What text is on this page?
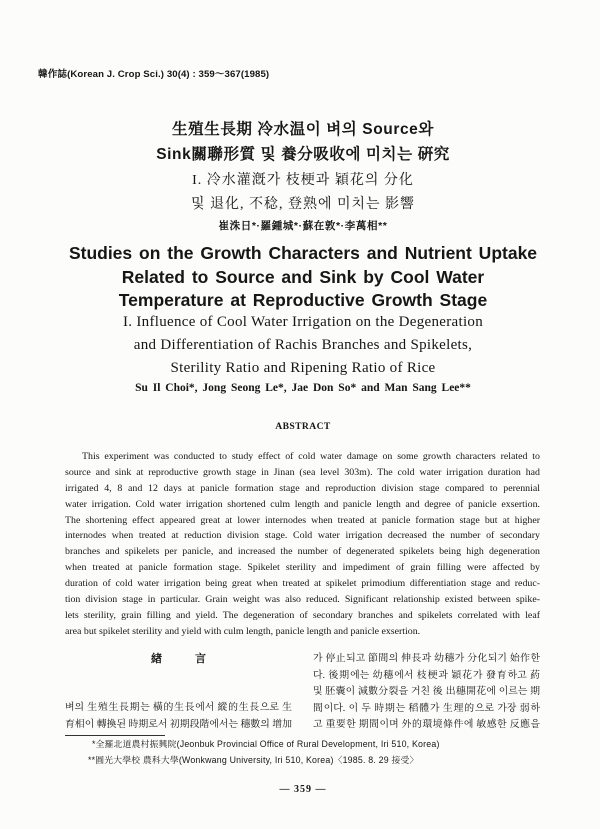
韓作誌(Korean J. Crop Sci.) 30(4) : 359～367(1985)
生殖生長期 冷水温이 벼의 Source와
Sink關聯形質 및 養分吸收에 미치는 硏究
I. 冷水灌漑가 枝梗과 穎花의 分化
및 退化, 不稔, 登熟에 미치는 影響
崔洙日*·羅鍾城*·蘇在敦*·李萬相**
Studies on the Growth Characters and Nutrient Uptake
Related to Source and Sink by Cool Water
Temperature at Reproductive Growth Stage
I. Influence of Cool Water Irrigation on the Degeneration
and Differentiation of Rachis Branches and Spikelets,
Sterility Ratio and Ripening Ratio of Rice
Su Il Choi*, Jong Seong Le*, Jae Don So* and Man Sang Lee**
ABSTRACT
This experiment was conducted to study effect of cold water damage on some growth characters related to
source and sink at reproductive growth stage in Jinan (sea level 303m). The cold water irrigation duration had
irrigated 4, 8 and 12 days at panicle formation stage and reproduction division stage compared to perennial
water irrigation. Cold water irrigation shortened culm length and panicle length and degree of panicle exsertion.
The shortening effect appeared great at lower internodes when treated at panicle formation stage but at higher
internodes when treated at reduction division stage. Cold water irrigation decreased the number of secondary
branches and spikelets per panicle, and increased the number of degenerated spikelets being high degeneration
when treated at panicle formation stage. Spikelet sterility and impediment of grain filling were affected by
duration of cold water irrigation being great when treated at spikelet primodium differentiation stage and reduc-
tion division stage in particular. Grain weight was also reduced. Significant relationship existed between spike-
lets sterility, grain filling and yield. The degeneration of secondary branches and spikelets correlated with leaf
area but spikelet sterility and yield with culm length, panicle length and panicle exsertion.
緖 言
벼의 生殖生長期는 橫的生長에서 縱的生長으로 生
育相이 轉換된 時期로서 初期段階에서는 穗數의 增加
가 停止되고 節間의 伸長과 幼穗가 分化되기 始作한
다. 後期에는 幼穗에서 枝梗과 穎花가 發育하고 葯
및 胚囊이 減數分裂을 거친 後 出穗開花에 이르는 期
間이다. 이 두 時期는 稻體가 生理的으로 가장 弱하
고 重要한 期間이며 外的環境條件에 敏感한 反應을
*全羅北道農村振興院(Jeonbuk Provincial Office of Rural Development, Iri 510, Korea)
**圓光大學校 農科大學(Wonkwang University, Iri 510, Korea)〈1985. 8. 29 接受〉
— 359 —
